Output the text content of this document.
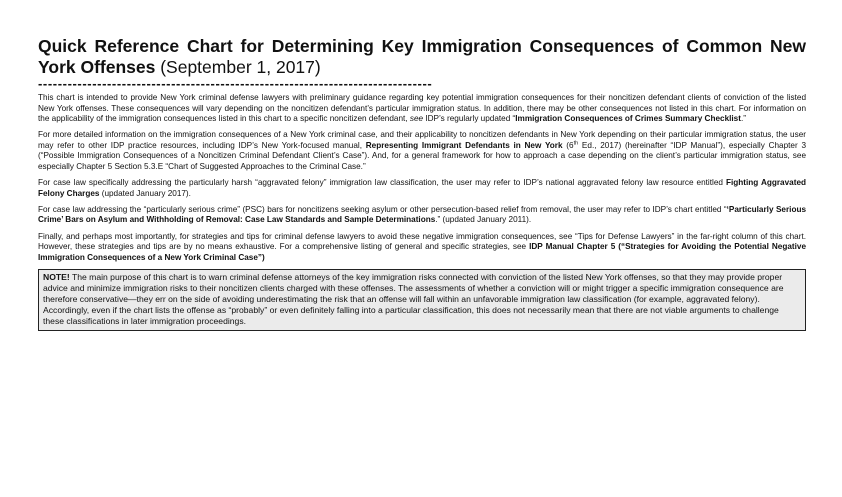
Quick Reference Chart for Determining Key Immigration Consequences of Common New York Offenses (September 1, 2017)
--------------------------------------------------------------------------------

This chart is intended to provide New York criminal defense lawyers with preliminary guidance regarding key potential immigration consequences for their noncitizen defendant clients of conviction of the listed New York offenses. These consequences will vary depending on the noncitizen defendant’s particular immigration status. In addition, there may be other consequences not listed in this chart. For information on the applicability of the immigration consequences listed in this chart to a specific noncitizen defendant, see IDP’s regularly updated “Immigration Consequences of Crimes Summary Checklist.”

For more detailed information on the immigration consequences of a New York criminal case, and their applicability to noncitizen defendants in New York depending on their particular immigration status, the user may refer to other IDP practice resources, including IDP’s New York-focused manual, Representing Immigrant Defendants in New York (6th Ed., 2017) (hereinafter “IDP Manual”), especially Chapter 3 (“Possible Immigration Consequences of a Noncitizen Criminal Defendant Client’s Case”). And, for a general framework for how to approach a case depending on the client’s particular immigration status, see especially Chapter 5 Section 5.3.E “Chart of Suggested Approaches to the Criminal Case.”

For case law specifically addressing the particularly harsh “aggravated felony” immigration law classification, the user may refer to IDP’s national aggravated felony law resource entitled Fighting Aggravated Felony Charges (updated January 2017).

For case law addressing the “particularly serious crime” (PSC) bars for noncitizens seeking asylum or other persecution-based relief from removal, the user may refer to IDP’s chart entitled “‘Particularly Serious Crime’ Bars on Asylum and Withholding of Removal: Case Law Standards and Sample Determinations.” (updated January 2011).

Finally, and perhaps most importantly, for strategies and tips for criminal defense lawyers to avoid these negative immigration consequences, see “Tips for Defense Lawyers” in the far-right column of this chart. However, these strategies and tips are by no means exhaustive. For a comprehensive listing of general and specific strategies, see IDP Manual Chapter 5 (“Strategies for Avoiding the Potential Negative Immigration Consequences of a New York Criminal Case”)

NOTE! The main purpose of this chart is to warn criminal defense attorneys of the key immigration risks connected with conviction of the listed New York offenses, so that they may provide proper advice and minimize immigration risks to their noncitizen clients charged with these offenses. The assessments of whether a conviction will or might trigger a specific immigration consequence are therefore conservative—they err on the side of avoiding underestimating the risk that an offense will fall within an unfavorable immigration law classification (for example, aggravated felony). Accordingly, even if the chart lists the offense as “probably” or even definitely falling into a particular classification, this does not necessarily mean that there are not viable arguments to challenge these classifications in later immigration proceedings.
